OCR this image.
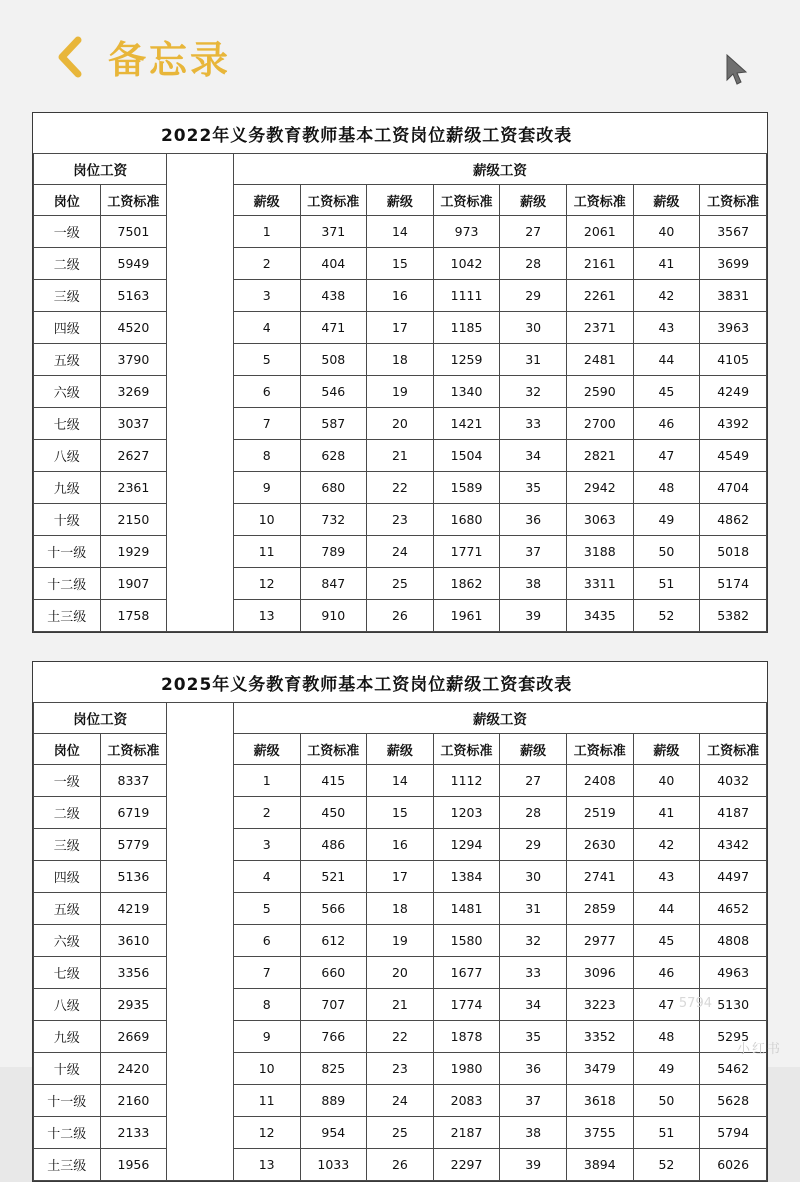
备忘录
2022年义务教育教师基本工资岗位薪级工资套改表										
岗位工资			薪级工资							
岗位	工资标准		薪级	工资标准	薪级	工资标准	薪级	工资标准	薪级	工资标准
一级	7501		1	371	14	973	27	2061	40	3567
二级	5949		2	404	15	1042	28	2161	41	3699
三级	5163		3	438	16	1111	29	2261	42	3831
四级	4520		4	471	17	1185	30	2371	43	3963
五级	3790		5	508	18	1259	31	2481	44	4105
六级	3269		6	546	19	1340	32	2590	45	4249
七级	3037		7	587	20	1421	33	2700	46	4392
八级	2627		8	628	21	1504	34	2821	47	4549
九级	2361		9	680	22	1589	35	2942	48	4704
十级	2150		10	732	23	1680	36	3063	49	4862
十一级	1929		11	789	24	1771	37	3188	50	5018
十二级	1907		12	847	25	1862	38	3311	51	5174
土三级	1758		13	910	26	1961	39	3435	52	5382
2025年义务教育教师基本工资岗位薪级工资套改表										
岗位工资			薪级工资							
岗位	工资标准		薪级	工资标准	薪级	工资标准	薪级	工资标准	薪级	工资标准
一级	8337		1	415	14	1112	27	2408	40	4032
二级	6719		2	450	15	1203	28	2519	41	4187
三级	5779		3	486	16	1294	29	2630	42	4342
四级	5136		4	521	17	1384	30	2741	43	4497
五级	4219		5	566	18	1481	31	2859	44	4652
六级	3610		6	612	19	1580	32	2977	45	4808
七级	3356		7	660	20	1677	33	3096	46	4963
八级	2935		8	707	21	1774	34	3223	47	5130
九级	2669		9	766	22	1878	35	3352	48	5295
十级	2420		10	825	23	1980	36	3479	49	5462
十一级	2160		11	889	24	2083	37	3618	50	5628
十二级	2133		12	954	25	2187	38	3755	51	5794
土三级	1956		13	1033	26	2297	39	3894	52	6026
5794
小红书
